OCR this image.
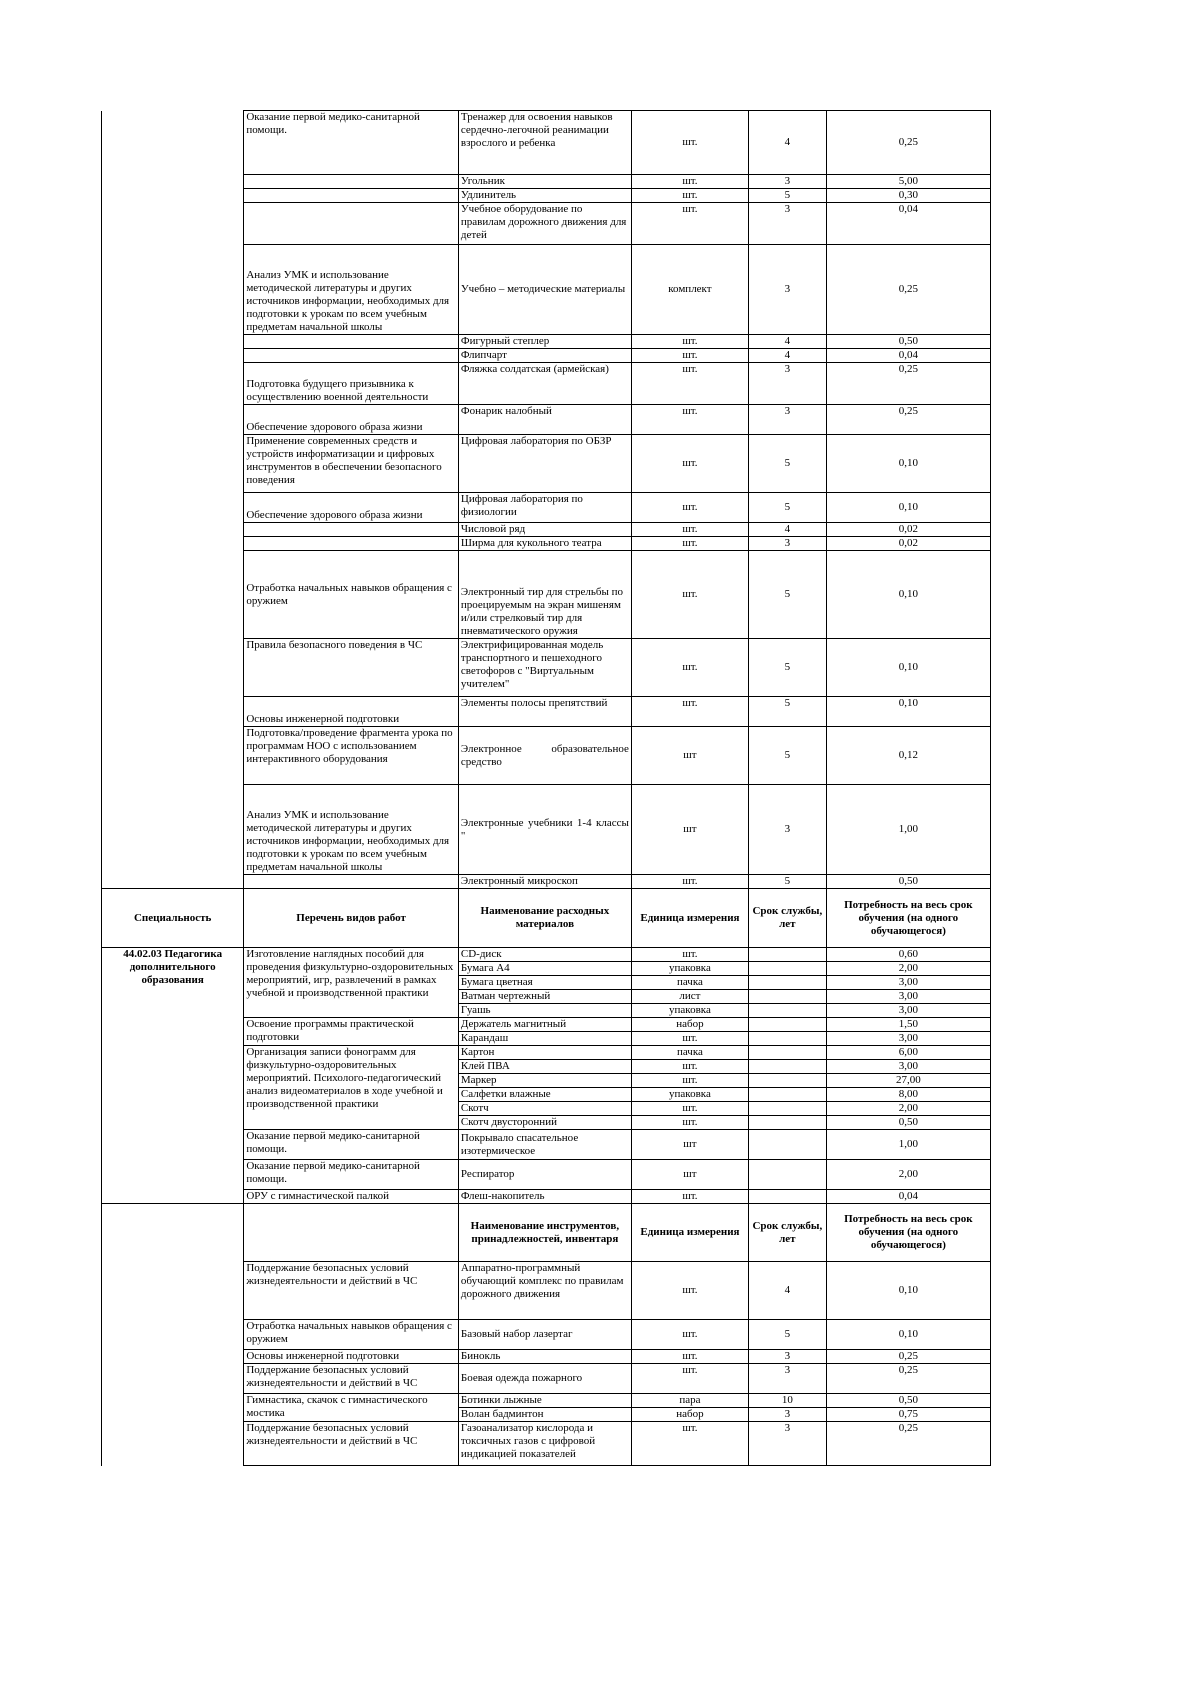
	Оказание первой медико-санитарной помощи.	Тренажер для освоения навыков сердечно-легочной реанимации взрослого и ребенка	шт.	4	0,25
		Угольник	шт.	3	5,00
		Удлинитель	шт.	5	0,30
		Учебное оборудование по правилам дорожного движения для детей	шт.	3	0,04
	Анализ УМК и использование методической литературы и других источников информации, необходимых для подготовки к урокам по всем учебным предметам начальной школы	Учебно – методические материалы	комплект	3	0,25
		Фигурный степлер	шт.	4	0,50
		Флипчарт	шт.	4	0,04
	Подготовка будущего призывника к осуществлению военной деятельности	Фляжка солдатская (армейская)	шт.	3	0,25
	Обеспечение здорового образа жизни	Фонарик налобный	шт.	3	0,25
	Применение современных средств и устройств информатизации и цифровых инструментов в обеспечении безопасного поведения	Цифровая лаборатория по ОБЗР	шт.	5	0,10
	Обеспечение здорового образа жизни	Цифровая лаборатория по физиологии	шт.	5	0,10
		Числовой ряд	шт.	4	0,02
		Ширма для кукольного театра	шт.	3	0,02
	Отработка начальных навыков обращения с оружием	Электронный тир для стрельбы по проецируемым на экран мишеням и/или стрелковый тир для пневматического оружия	шт.	5	0,10
	Правила безопасного поведения в ЧС	Электрифицированная модель транспортного и пешеходного светофоров с "Виртуальным учителем"	шт.	5	0,10
	Основы инженерной подготовки	Элементы полосы препятствий	шт.	5	0,10
	Подготовка/проведение фрагмента урока по программам НОО с использованием интерактивного оборудования	Электронное образовательное средство	шт	5	0,12
	Анализ УМК и использование методической литературы и других источников информации, необходимых для подготовки к урокам по всем учебным предметам начальной школы	Электронные учебники 1-4 классы "	шт	3	1,00
		Электронный микроскоп	шт.	5	0,50
Специальность	Перечень видов работ	Наименование расходных материалов	Единица измерения	Срок службы, лет	Потребность на весь срок обучения (на одного обучающегося)
44.02.03 Педагогика дополнительного образования	Изготовление наглядных пособий для проведения физкультурно-оздоровительных мероприятий, игр, развлечений в рамках учебной и производственной практики	CD-диск	шт.		0,60
		Бумага А4	упаковка		2,00
		Бумага цветная	пачка		3,00
		Ватман чертежный	лист		3,00
		Гуашь	упаковка		3,00
	Освоение программы практической подготовки	Держатель магнитный	набор		1,50
		Карандаш	шт.		3,00
	Организация записи фонограмм для физкультурно-оздоровительных мероприятий. Психолого-педагогический анализ видеоматериалов в ходе учебной и производственной практики	Картон	пачка		6,00
		Клей ПВА	шт.		3,00
		Маркер	шт.		27,00
		Салфетки влажные	упаковка		8,00
		Скотч	шт.		2,00
		Скотч двусторонний	шт.		0,50
	Оказание первой медико-санитарной помощи.	Покрывало спасательное изотермическое	шт		1,00
	Оказание первой медико-санитарной помощи.	Респиратор	шт		2,00
	ОРУ с гимнастической палкой	Флеш-накопитель	шт.		0,04
		Наименование инструментов, принадлежностей, инвентаря	Единица измерения	Срок службы, лет	Потребность на весь срок обучения (на одного обучающегося)
	Поддержание безопасных условий жизнедеятельности и действий в ЧС	Аппаратно-программный обучающий комплекс по правилам дорожного движения	шт.	4	0,10
	Отработка начальных навыков обращения с оружием	Базовый набор лазертаг	шт.	5	0,10
	Основы инженерной подготовки	Бинокль	шт.	3	0,25
	Поддержание безопасных условий жизнедеятельности и действий в ЧС	Боевая одежда пожарного	шт.	3	0,25
	Гимнастика, скачок с гимнастического мостика	Ботинки лыжные	пара	10	0,50
		Волан бадминтон	набор	3	0,75
	Поддержание безопасных условий жизнедеятельности и действий в ЧС	Газоанализатор кислорода и токсичных газов с цифровой индикацией показателей	шт.	3	0,25
